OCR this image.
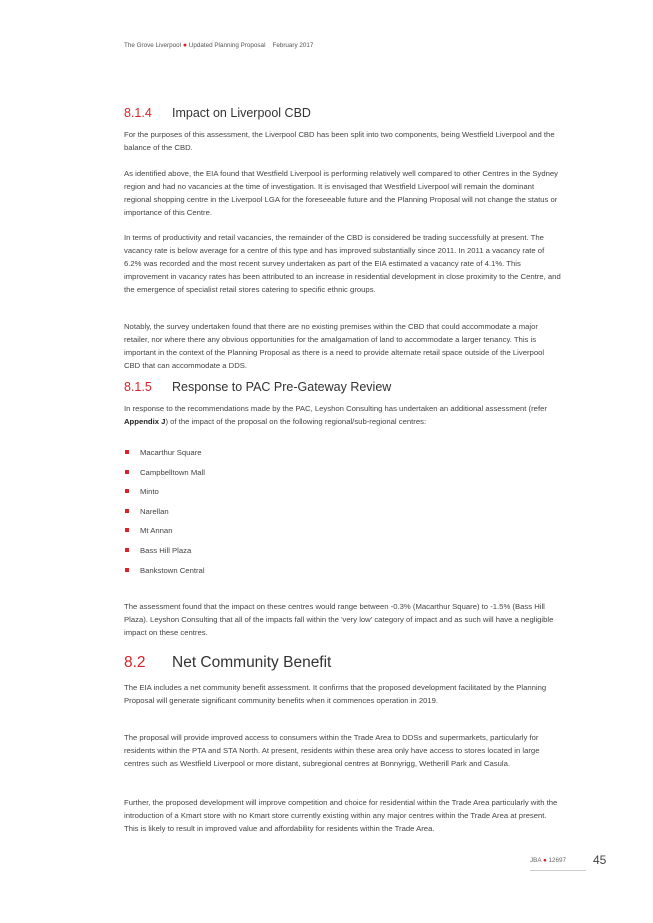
The Grove Liverpool ● Updated Planning Proposal February 2017
8.1.4 Impact on Liverpool CBD

For the purposes of this assessment, the Liverpool CBD has been split into two components, being Westfield Liverpool and the balance of the CBD.

As identified above, the EIA found that Westfield Liverpool is performing relatively well compared to other Centres in the Sydney region and had no vacancies at the time of investigation. It is envisaged that Westfield Liverpool will remain the dominant regional shopping centre in the Liverpool LGA for the foreseeable future and the Planning Proposal will not change the status or importance of this Centre.

In terms of productivity and retail vacancies, the remainder of the CBD is considered be trading successfully at present. The vacancy rate is below average for a centre of this type and has improved substantially since 2011. In 2011 a vacancy rate of 6.2% was recorded and the most recent survey undertaken as part of the EIA estimated a vacancy rate of 4.1%. This improvement in vacancy rates has been attributed to an increase in residential development in close proximity to the Centre, and the emergence of specialist retail stores catering to specific ethnic groups.

Notably, the survey undertaken found that there are no existing premises within the CBD that could accommodate a major retailer, nor where there any obvious opportunities for the amalgamation of land to accommodate a larger tenancy. This is important in the context of the Planning Proposal as there is a need to provide alternate retail space outside of the Liverpool CBD that can accommodate a DDS.

8.1.5 Response to PAC Pre-Gateway Review

In response to the recommendations made by the PAC, Leyshon Consulting has undertaken an additional assessment (refer Appendix J) of the impact of the proposal on the following regional/sub-regional centres:

Macarthur Square
Campbelltown Mall
Minto
Narellan
Mt Annan
Bass Hill Plaza
Bankstown Central

The assessment found that the impact on these centres would range between -0.3% (Macarthur Square) to -1.5% (Bass Hill Plaza). Leyshon Consulting that all of the impacts fall within the 'very low' category of impact and as such will have a negligible impact on these centres.

8.2 Net Community Benefit

The EIA includes a net community benefit assessment. It confirms that the proposed development facilitated by the Planning Proposal will generate significant community benefits when it commences operation in 2019.

The proposal will provide improved access to consumers within the Trade Area to DDSs and supermarkets, particularly for residents within the PTA and STA North. At present, residents within these area only have access to stores located in large centres such as Westfield Liverpool or more distant, subregional centres at Bonnyrigg, Wetherill Park and Casula.

Further, the proposed development will improve competition and choice for residential within the Trade Area particularly with the introduction of a Kmart store with no Kmart store currently existing within any major centres within the Trade Area at present. This is likely to result in improved value and affordability for residents within the Trade Area.

JBA ● 12697 45
